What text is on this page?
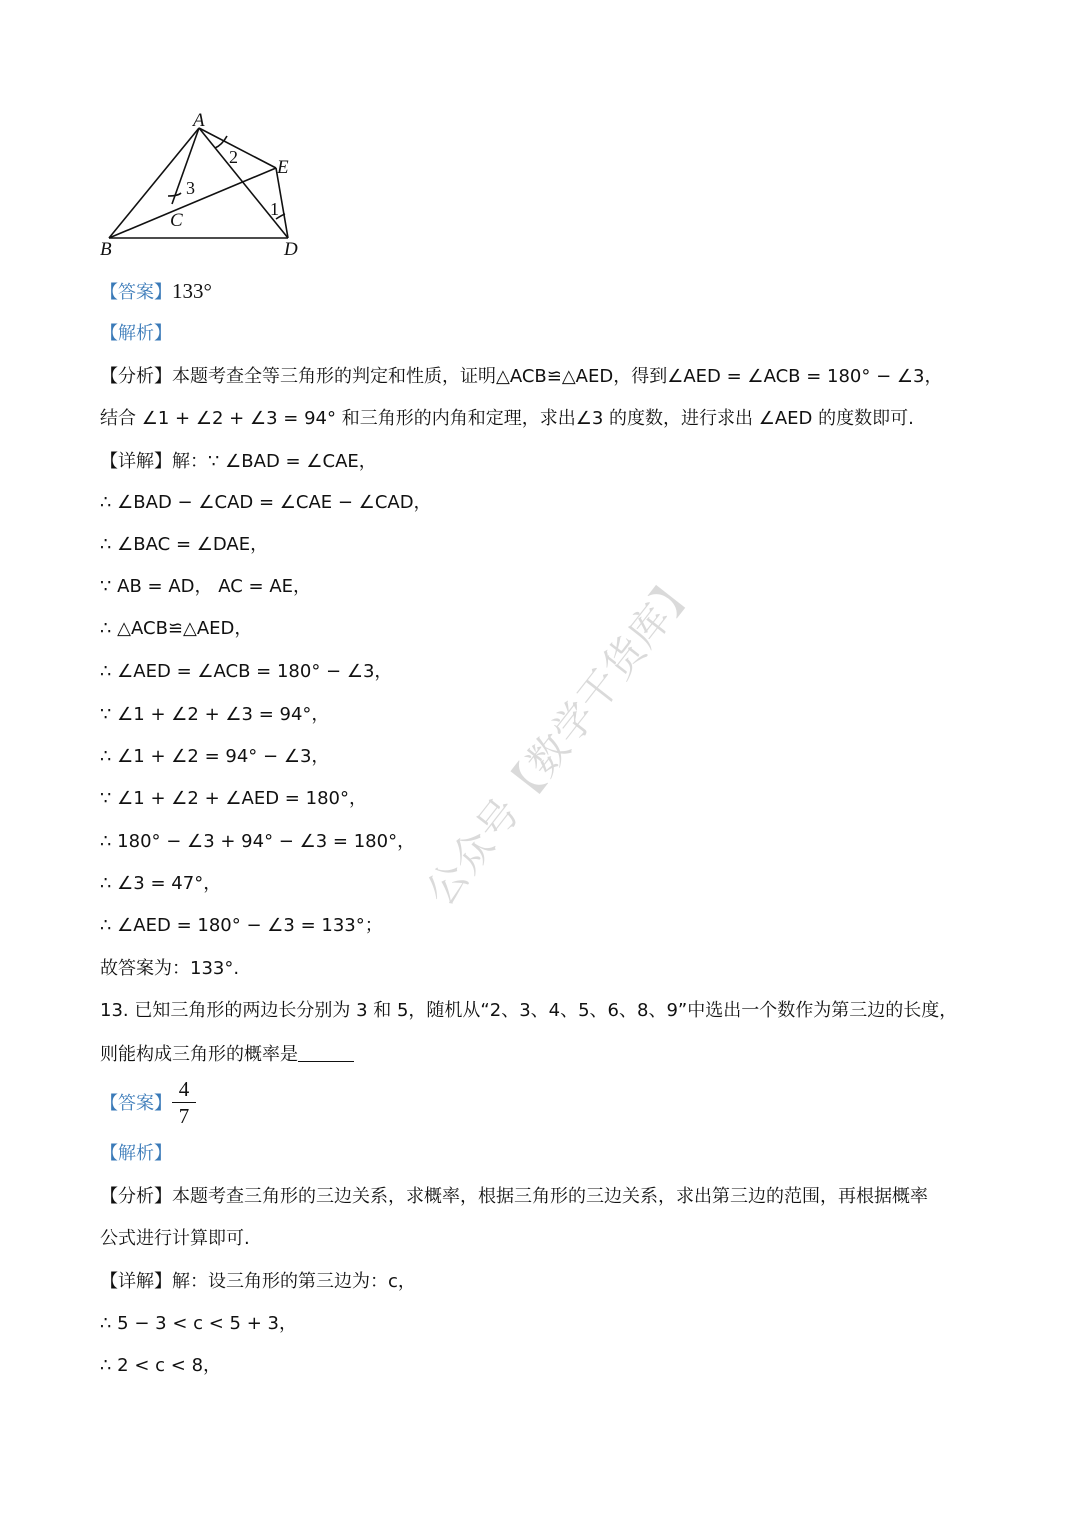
A
B
C
D
E
2
3
1
【答案】133°
【解析】
【分析】本题考查全等三角形的判定和性质，证明△ACB≌△AED，得到∠AED = ∠ACB = 180° − ∠3，
结合 ∠1 + ∠2 + ∠3 = 94° 和三角形的内角和定理，求出∠3 的度数，进行求出 ∠AED 的度数即可.
【详解】解：∵ ∠BAD = ∠CAE，
∴ ∠BAD − ∠CAD = ∠CAE − ∠CAD，
∴ ∠BAC = ∠DAE，
∵ AB = AD， AC = AE，
∴ △ACB≌△AED，
∴ ∠AED = ∠ACB = 180° − ∠3，
∵ ∠1 + ∠2 + ∠3 = 94°，
∴ ∠1 + ∠2 = 94° − ∠3，
∵ ∠1 + ∠2 + ∠AED = 180°，
∴ 180° − ∠3 + 94° − ∠3 = 180°，
∴ ∠3 = 47°，
∴ ∠AED = 180° − ∠3 = 133°；
故答案为：133°.
13. 已知三角形的两边长分别为 3 和 5，随机从“2、3、4、5、6、8、9”中选出一个数作为第三边的长度，
则能构成三角形的概率是
【答案】
4
7
【解析】
【分析】本题考查三角形的三边关系，求概率，根据三角形的三边关系，求出第三边的范围，再根据概率
公式进行计算即可.
【详解】解：设三角形的第三边为：c，
∴ 5 − 3 < c < 5 + 3，
∴ 2 < c < 8，
公众号【数学干货库】
